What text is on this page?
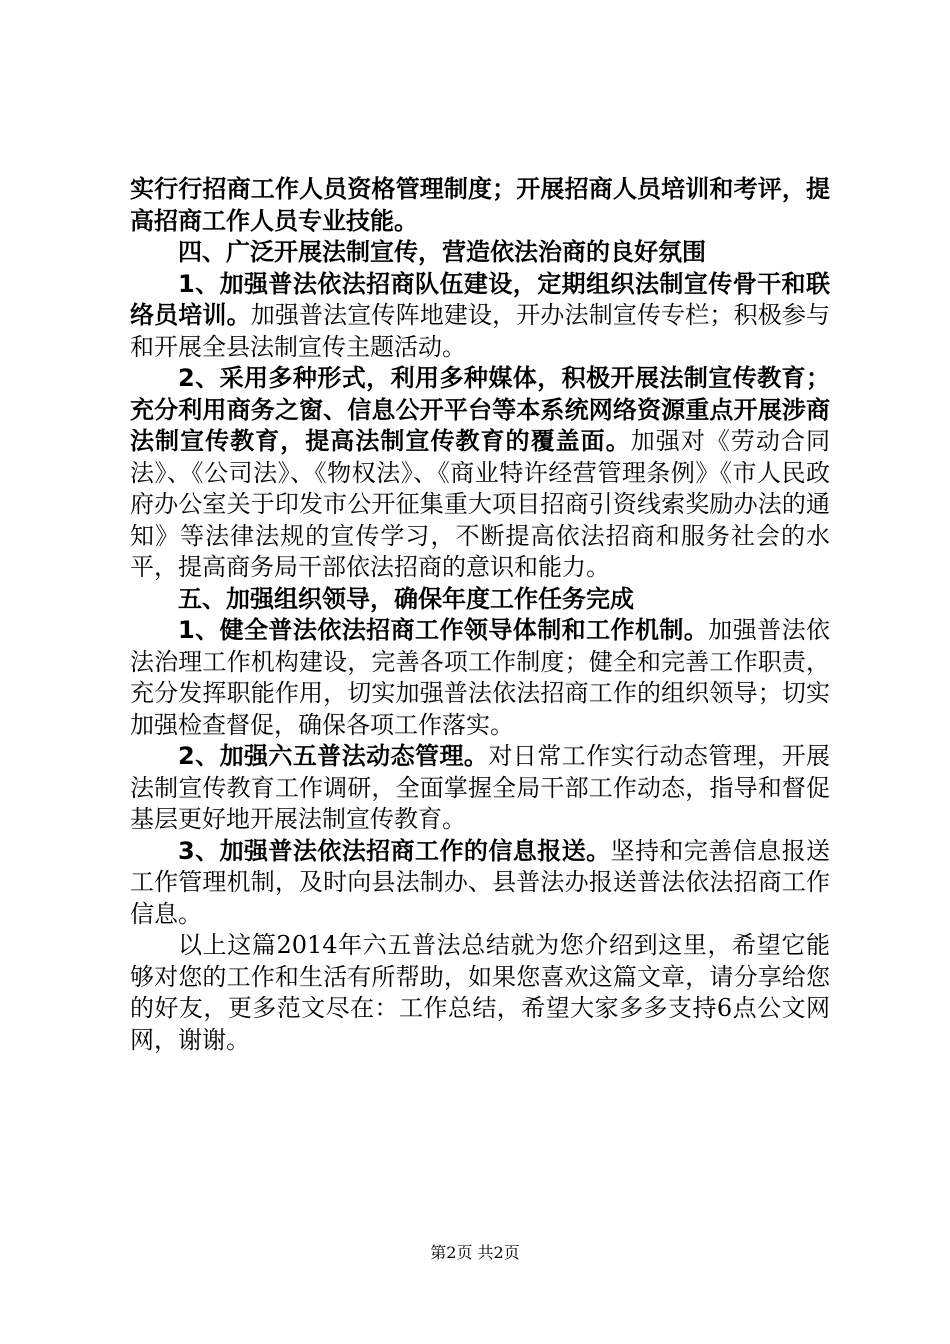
实行行招商工作人员资格管理制度；开展招商人员培训和考评，提高招商工作人员专业技能。

四、广泛开展法制宣传，营造依法治商的良好氛围

1、加强普法依法招商队伍建设，定期组织法制宣传骨干和联络员培训。加强普法宣传阵地建设，开办法制宣传专栏；积极参与和开展全县法制宣传主题活动。

2、采用多种形式，利用多种媒体，积极开展法制宣传教育；充分利用商务之窗、信息公开平台等本系统网络资源重点开展涉商法制宣传教育，提高法制宣传教育的覆盖面。加强对《劳动合同法》、《公司法》、《物权法》、《商业特许经营管理条例》《市人民政府办公室关于印发市公开征集重大项目招商引资线索奖励办法的通知》等法律法规的宣传学习，不断提高依法招商和服务社会的水平，提高商务局干部依法招商的意识和能力。

五、加强组织领导，确保年度工作任务完成

1、健全普法依法招商工作领导体制和工作机制。加强普法依法治理工作机构建设，完善各项工作制度；健全和完善工作职责，充分发挥职能作用，切实加强普法依法招商工作的组织领导；切实加强检查督促，确保各项工作落实。

2、加强六五普法动态管理。对日常工作实行动态管理，开展法制宣传教育工作调研，全面掌握全局干部工作动态，指导和督促基层更好地开展法制宣传教育。

3、加强普法依法招商工作的信息报送。坚持和完善信息报送工作管理机制，及时向县法制办、县普法办报送普法依法招商工作信息。

以上这篇2014年六五普法总结就为您介绍到这里，希望它能够对您的工作和生活有所帮助，如果您喜欢这篇文章，请分享给您的好友，更多范文尽在：工作总结，希望大家多多支持6点公文网网，谢谢。

第2页 共2页
